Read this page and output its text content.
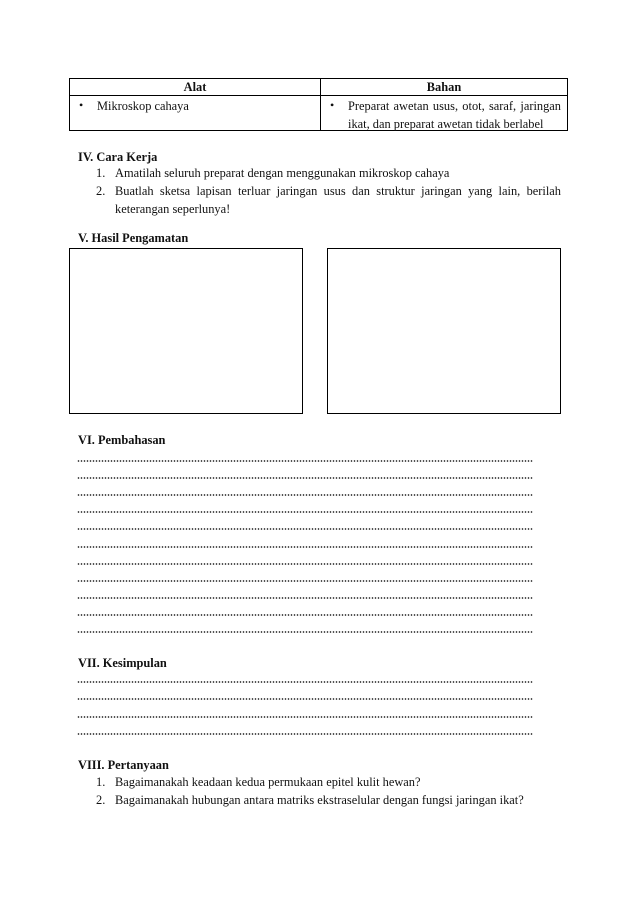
Alat	Bahan

• Mikroskop cahaya	• Preparat awetan usus, otot, saraf, jaringan ikat, dan preparat awetan tidak berlabel
IV. Cara Kerja
1. Amatilah seluruh preparat dengan menggunakan mikroskop cahaya
2. Buatlah sketsa lapisan terluar jaringan usus dan struktur jaringan yang lain, berilah
keterangan seperlunya!
V. Hasil Pengamatan
VI. Pembahasan
VII. Kesimpulan
VIII. Pertanyaan
1. Bagaimanakah keadaan kedua permukaan epitel kulit hewan?
2. Bagaimanakah hubungan antara matriks ekstraselular dengan fungsi jaringan ikat?
